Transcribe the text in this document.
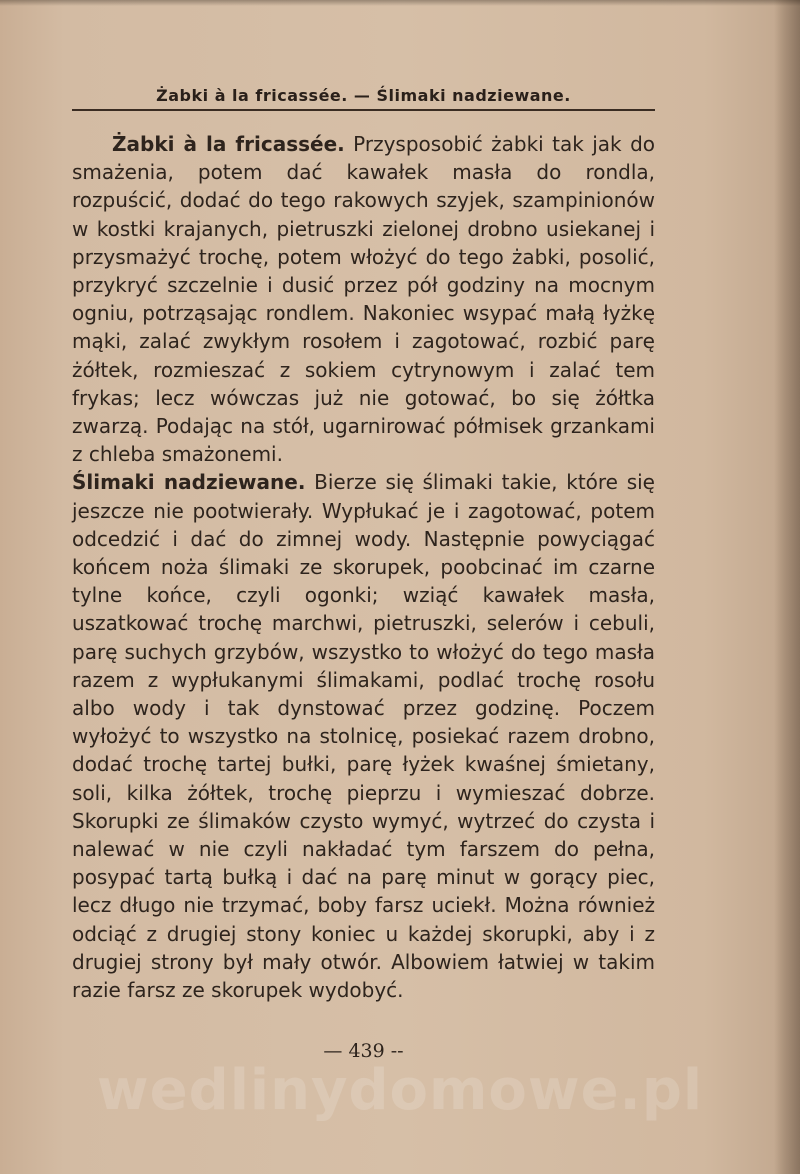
Żabki à la fricassée. — Ślimaki nadziewane.

Żabki à la fricassée. Przysposobić żabki tak jak do smażenia, potem dać kawałek masła do rondla, rozpuścić, dodać do tego rakowych szyjek, szampinionów w kostki krajanych, pietruszki zielonej drobno usiekanej i przysmażyć trochę, potem włożyć do tego żabki, posolić, przykryć szczelnie i dusić przez pół godziny na mocnym ogniu, potrząsając rondlem. Nakoniec wsypać małą łyżkę mąki, zalać zwykłym rosołem i zagotować, rozbić parę żółtek, rozmieszać z sokiem cytrynowym i zalać tem frykas; lecz wówczas już nie gotować, bo się żółtka zwarzą. Podając na stół, ugarnirować półmisek grzankami z chleba smażonemi.

Ślimaki nadziewane. Bierze się ślimaki takie, które się jeszcze nie pootwierały. Wypłukać je i zagotować, potem odcedzić i dać do zimnej wody. Następnie powyciągać końcem noża ślimaki ze skorupek, poobcinać im czarne tylne końce, czyli ogonki; wziąć kawałek masła, uszatkować trochę marchwi, pietruszki, selerów i cebuli, parę suchych grzybów, wszystko to włożyć do tego masła razem z wypłukanymi ślimakami, podlać trochę rosołu albo wody i tak dynstować przez godzinę. Poczem wyłożyć to wszystko na stolnicę, posiekać razem drobno, dodać trochę tartej bułki, parę łyżek kwaśnej śmietany, soli, kilka żółtek, trochę pieprzu i wymieszać dobrze. Skorupki ze ślimaków czysto wymyć, wytrzeć do czysta i nalewać w nie czyli nakładać tym farszem do pełna, posypać tartą bułką i dać na parę minut w gorący piec, lecz długo nie trzymać, boby farsz uciekł. Można również odciąć z drugiej stony koniec u każdej skorupki, aby i z drugiej strony był mały otwór. Albowiem łatwiej w takim razie farsz ze skorupek wydobyć.

— 439 --
wedlinydomowe.pl
